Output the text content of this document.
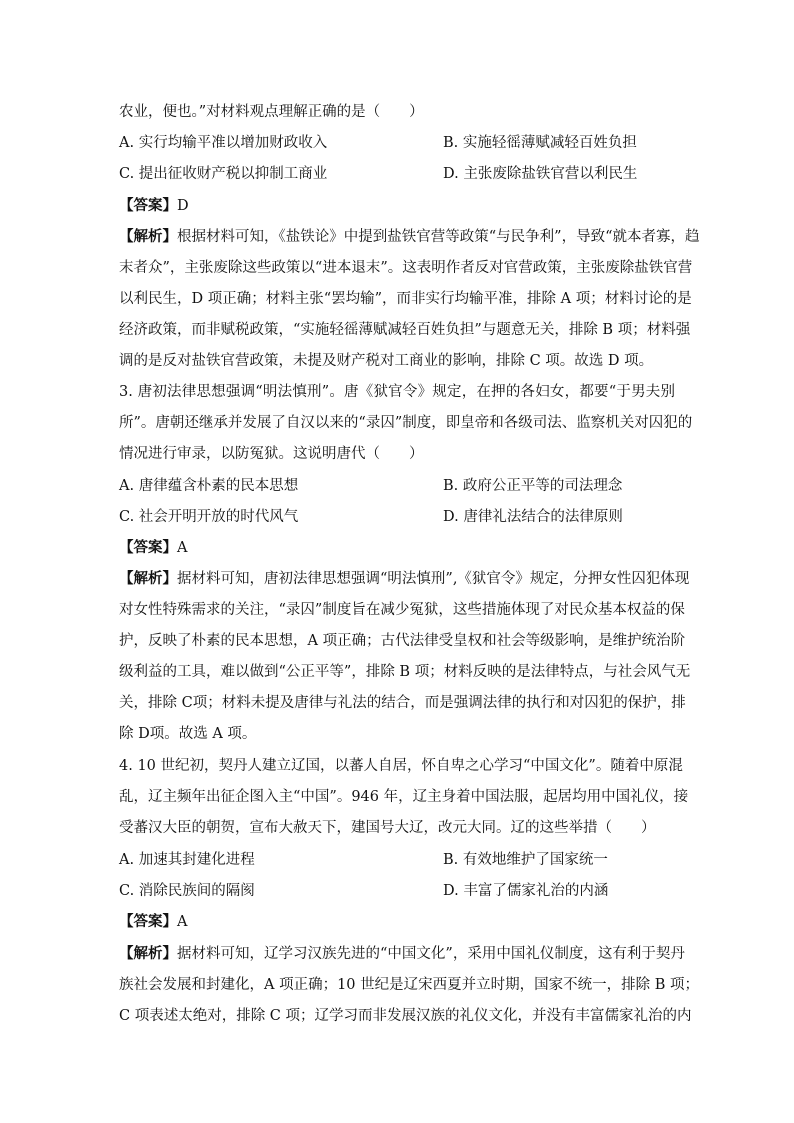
农业，便也。”对材料观点理解正确的是（　　）
A. 实行均输平准以增加财政收入	B. 实施轻徭薄赋减轻百姓负担
C. 提出征收财产税以抑制工商业	D. 主张废除盐铁官营以利民生
【答案】D
【解析】根据材料可知，《盐铁论》中提到盐铁官营等政策“与民争利”，导致“就本者寡，趋
末者众”，主张废除这些政策以“进本退末”。这表明作者反对官营政策，主张废除盐铁官营
以利民生，D 项正确；材料主张“罢均输”，而非实行均输平准，排除 A 项；材料讨论的是
经济政策，而非赋税政策，“实施轻徭薄赋减轻百姓负担”与题意无关，排除 B 项；材料强
调的是反对盐铁官营政策，未提及财产税对工商业的影响，排除 C 项。故选 D 项。
3. 唐初法律思想强调“明法慎刑”。唐《狱官令》规定，在押的各妇女，都要“于男夫别
所”。唐朝还继承并发展了自汉以来的“录囚”制度，即皇帝和各级司法、监察机关对囚犯的
情况进行审录，以防冤狱。这说明唐代（　　）
A. 唐律蕴含朴素的民本思想	B. 政府公正平等的司法理念
C. 社会开明开放的时代风气	D. 唐律礼法结合的法律原则
【答案】A
【解析】据材料可知，唐初法律思想强调“明法慎刑”,《狱官令》规定，分押女性囚犯体现
对女性特殊需求的关注，“录囚”制度旨在减少冤狱，这些措施体现了对民众基本权益的保
护，反映了朴素的民本思想，A 项正确；古代法律受皇权和社会等级影响，是维护统治阶
级利益的工具，难以做到“公正平等”，排除 B 项；材料反映的是法律特点，与社会风气无
关，排除 C项；材料未提及唐律与礼法的结合，而是强调法律的执行和对囚犯的保护，排
除 D项。故选 A 项。
4. 10 世纪初，契丹人建立辽国，以蕃人自居，怀自卑之心学习“中国文化”。随着中原混
乱，辽主频年出征企图入主“中国”。946 年，辽主身着中国法服，起居均用中国礼仪，接
受蕃汉大臣的朝贺，宣布大赦天下，建国号大辽，改元大同。辽的这些举措（　　）
A. 加速其封建化进程	B. 有效地维护了国家统一
C. 消除民族间的隔阂	D. 丰富了儒家礼治的内涵
【答案】A
【解析】据材料可知，辽学习汉族先进的“中国文化”，采用中国礼仪制度，这有利于契丹
族社会发展和封建化，A 项正确；10 世纪是辽宋西夏并立时期，国家不统一，排除 B 项；
C 项表述太绝对，排除 C 项；辽学习而非发展汉族的礼仪文化，并没有丰富儒家礼治的内
